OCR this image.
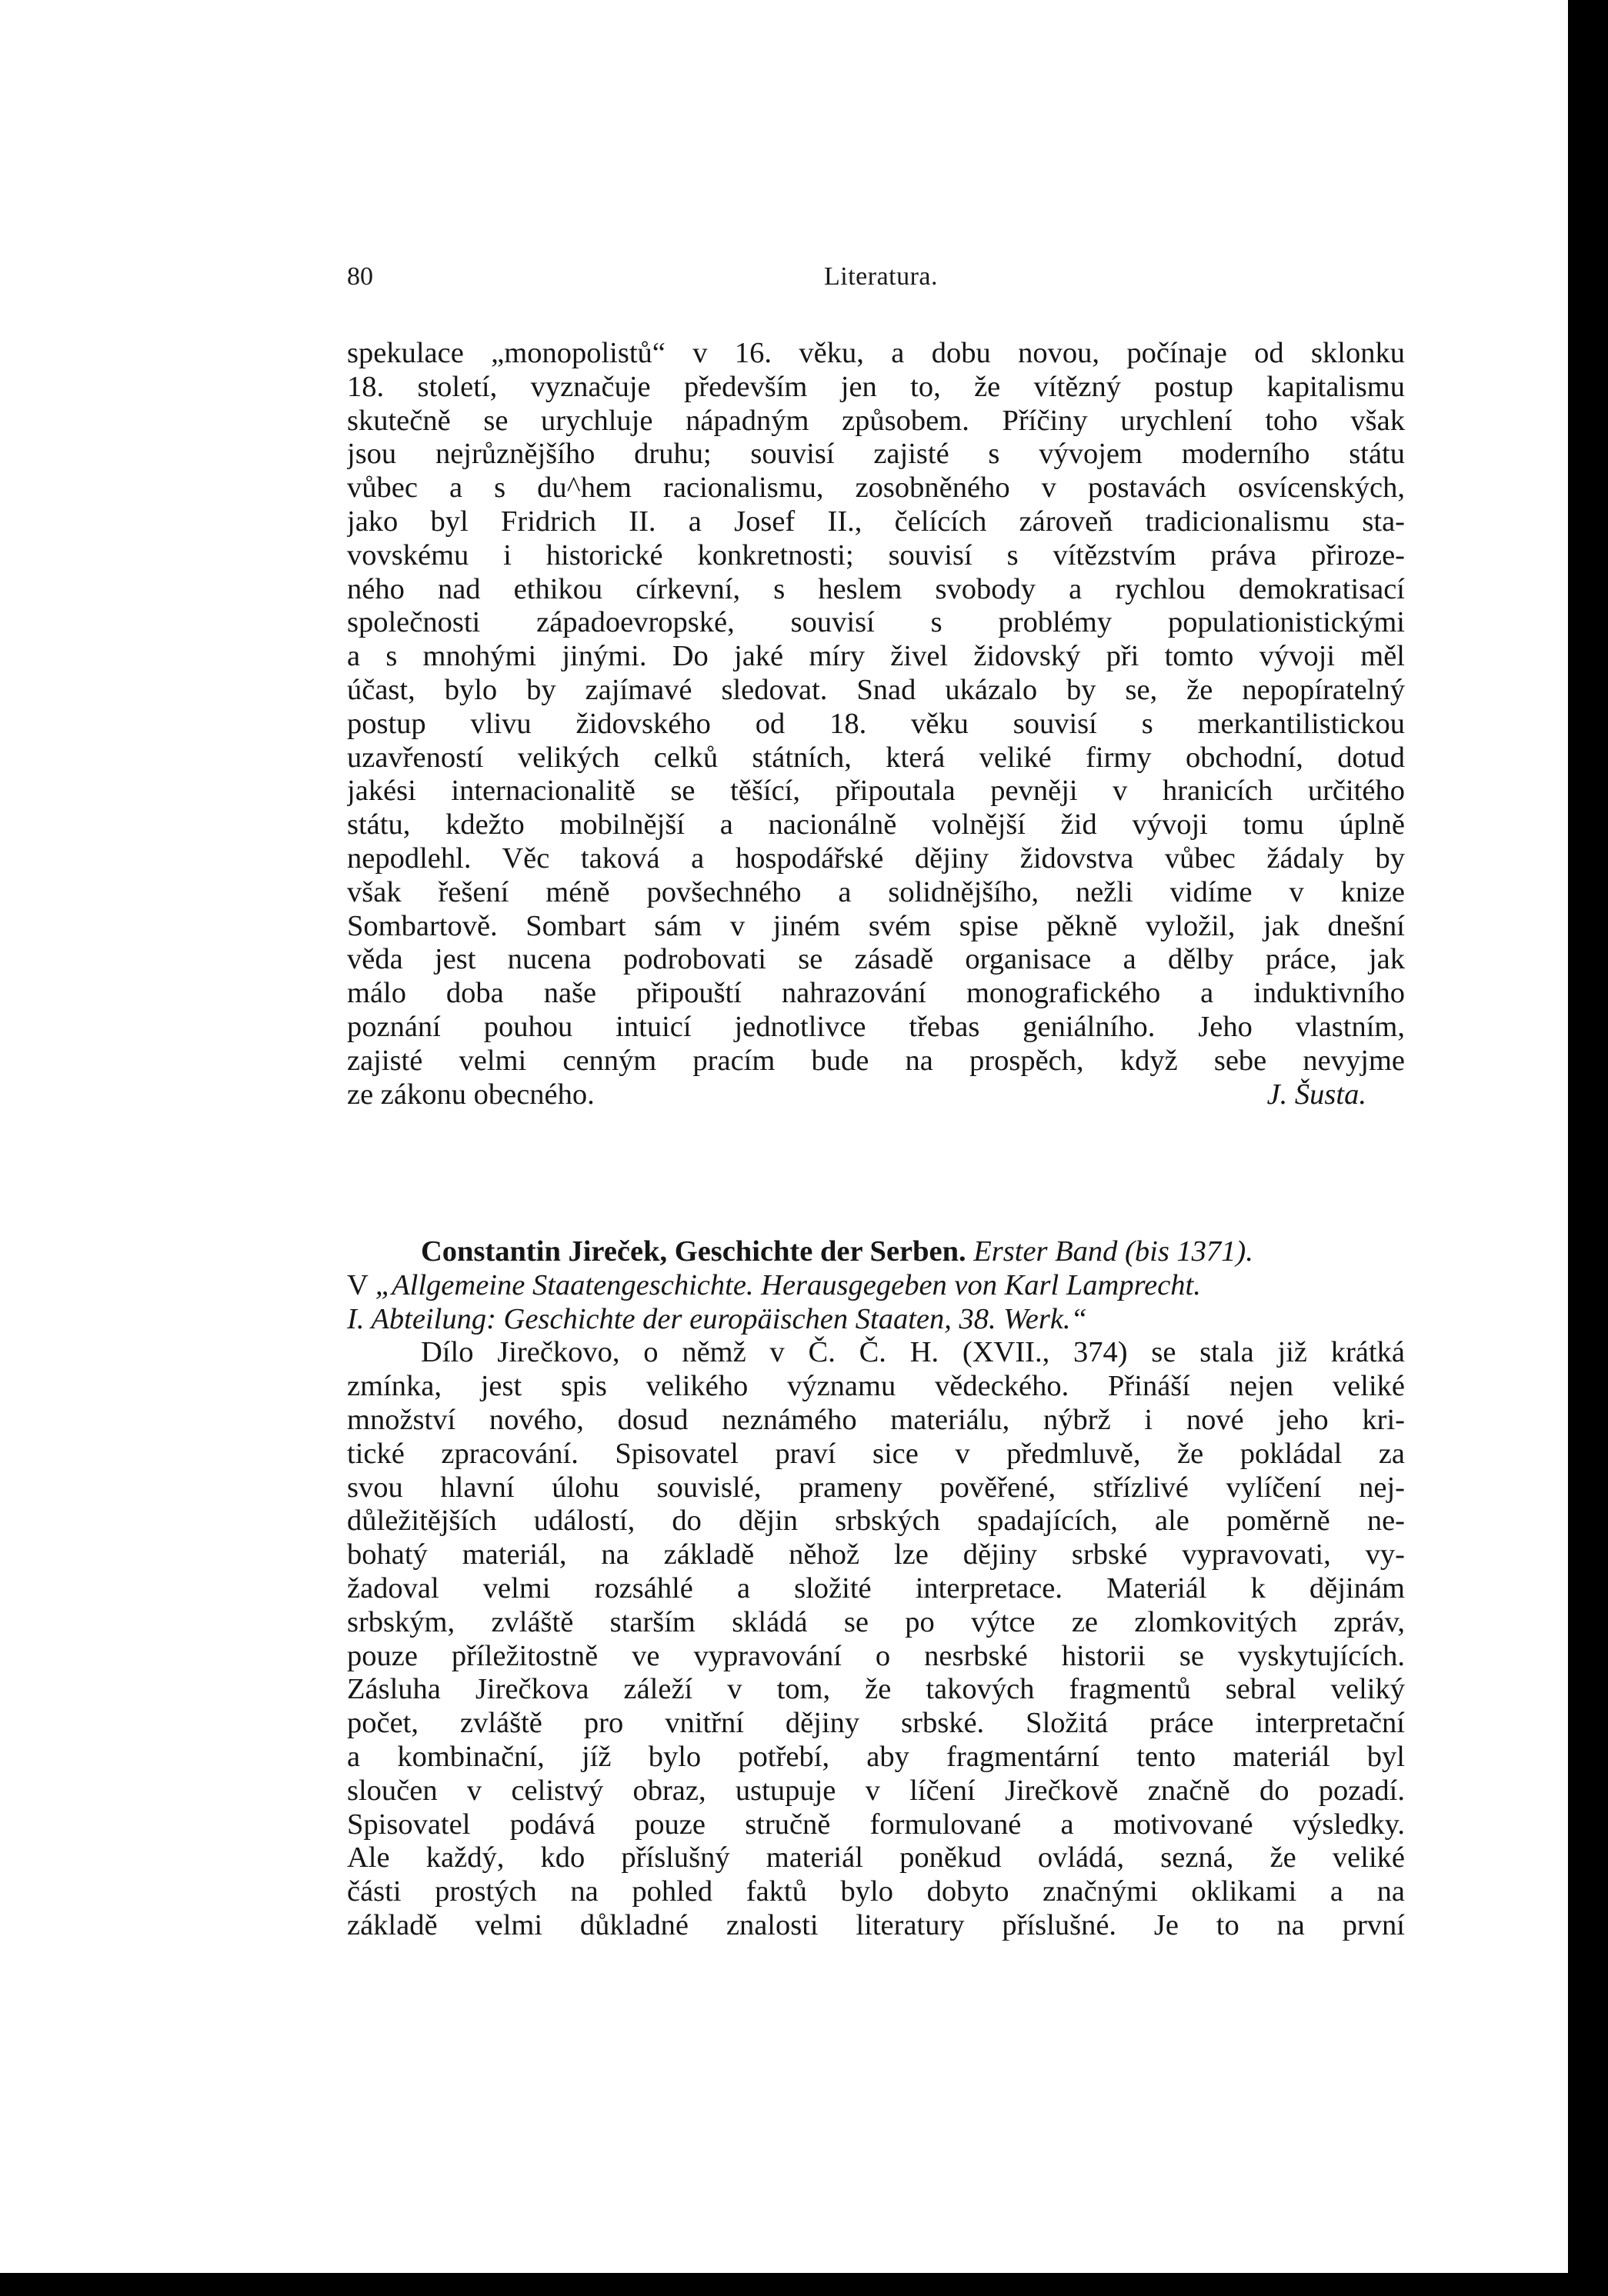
80	Literatura.
spekulace „monopolistů“ v 16. věku, a dobu novou, počínaje od sklonku
18. století, vyznačuje především jen to, že vítězný postup kapitalismu
skutečně se urychluje nápadným způsobem. Příčiny urychlení toho však
jsou nejrůznějšího druhu; souvisí zajisté s vývojem moderního státu
vůbec a s du^hem racionalismu, zosobněného v postavách osvícenských,
jako byl Fridrich II. a Josef II., čelících zároveň tradicionalismu sta-
vovskému i historické konkretnosti; souvisí s vítězstvím práva přiroze-
ného nad ethikou církevní, s heslem svobody a rychlou demokratisací
společnosti západoevropské, souvisí s problémy populationistickými
a s mnohými jinými. Do jaké míry živel židovský při tomto vývoji měl
účast, bylo by zajímavé sledovat. Snad ukázalo by se, že nepopíratelný
postup vlivu židovského od 18. věku souvisí s merkantilistickou
uzavřeností velikých celků státních, která veliké firmy obchodní, dotud
jakési internacionalitě se těšící, připoutala pevněji v hranicích určitého
státu, kdežto mobilnější a nacionálně volnější žid vývoji tomu úplně
nepodlehl. Věc taková a hospodářské dějiny židovstva vůbec žádaly by
však řešení méně povšechného a solidnějšího, nežli vidíme v knize
Sombartově. Sombart sám v jiném svém spise pěkně vyložil, jak dnešní
věda jest nucena podrobovati se zásadě organisace a dělby práce, jak
málo doba naše připouští nahrazování monografického a induktivního
poznání pouhou intuicí jednotlivce třebas geniálního. Jeho vlastním,
zajisté velmi cenným pracím bude na prospěch, když sebe nevyjme
ze zákonu obecného.	J. Šusta.
Constantin Jireček, Geschichte der Serben. Erster Band (bis 1371).
V „Allgemeine Staatengeschichte. Herausgegeben von Karl Lamprecht.
I. Abteilung: Geschichte der europäischen Staaten, 38. Werk.“
Dílo Jirečkovo, o němž v Č. Č. H. (XVII., 374) se stala již krátká
zmínka, jest spis velikého významu vědeckého. Přináší nejen veliké
množství nového, dosud neznámého materiálu, nýbrž i nové jeho kri-
tické zpracování. Spisovatel praví sice v předmluvě, že pokládal za
svou hlavní úlohu souvislé, prameny pověřené, střízlivé vylíčení nej-
důležitějších událostí, do dějin srbských spadajících, ale poměrně ne-
bohatý materiál, na základě něhož lze dějiny srbské vypravovati, vy-
žadoval velmi rozsáhlé a složité interpretace. Materiál k dějinám
srbským, zvláště starším skládá se po výtce ze zlomkovitých zpráv,
pouze příležitostně ve vypravování o nesrbské historii se vyskytujících.
Zásluha Jirečkova záleží v tom, že takových fragmentů sebral veliký
počet, zvláště pro vnitřní dějiny srbské. Složitá práce interpretační
a kombinační, jíž bylo potřebí, aby fragmentární tento materiál byl
sloučen v celistvý obraz, ustupuje v líčení Jirečkově značně do pozadí.
Spisovatel podává pouze stručně formulované a motivované výsledky.
Ale každý, kdo příslušný materiál poněkud ovládá, sezná, že veliké
části prostých na pohled faktů bylo dobyto značnými oklikami a na
základě velmi důkladné znalosti literatury příslušné. Je to na první
